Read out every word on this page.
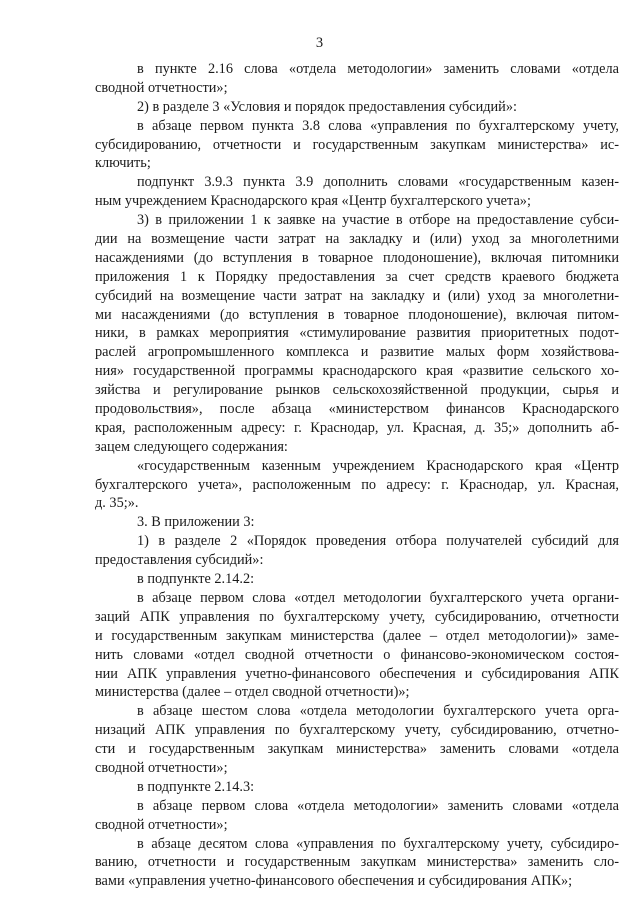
3
в пункте 2.16 слова «отдела методологии» заменить словами «отдела
сводной отчетности»;
2) в разделе 3 «Условия и порядок предоставления субсидий»:
в абзаце первом пункта 3.8 слова «управления по бухгалтерскому учету,
субсидированию, отчетности и государственным закупкам министерства» ис-
ключить;
подпункт 3.9.3 пункта 3.9 дополнить словами «государственным казен-
ным учреждением Краснодарского края «Центр бухгалтерского учета»;
3) в приложении 1 к заявке на участие в отборе на предоставление субси-
дии на возмещение части затрат на закладку и (или) уход за многолетними
насаждениями (до вступления в товарное плодоношение), включая питомники
приложения 1 к Порядку предоставления за счет средств краевого бюджета
субсидий на возмещение части затрат на закладку и (или) уход за многолетни-
ми насаждениями (до вступления в товарное плодоношение), включая питом-
ники, в рамках мероприятия «стимулирование развития приоритетных подот-
раслей агропромышленного комплекса и развитие малых форм хозяйствова-
ния» государственной программы краснодарского края «развитие сельского хо-
зяйства и регулирование рынков сельскохозяйственной продукции, сырья и
продовольствия», после абзаца «министерством финансов Краснодарского
края, расположенным адресу: г. Краснодар, ул. Красная, д. 35;» дополнить аб-
зацем следующего содержания:
«государственным казенным учреждением Краснодарского края «Центр
бухгалтерского учета», расположенным по адресу: г. Краснодар, ул. Красная,
д. 35;».
3. В приложении 3:
1) в разделе 2 «Порядок проведения отбора получателей субсидий для
предоставления субсидий»:
в подпункте 2.14.2:
в абзаце первом слова «отдел методологии бухгалтерского учета органи-
заций АПК управления по бухгалтерскому учету, субсидированию, отчетности
и государственным закупкам министерства (далее – отдел методологии)» заме-
нить словами «отдел сводной отчетности о финансово-экономическом состоя-
нии АПК управления учетно-финансового обеспечения и субсидирования АПК
министерства (далее – отдел сводной отчетности)»;
в абзаце шестом слова «отдела методологии бухгалтерского учета орга-
низаций АПК управления по бухгалтерскому учету, субсидированию, отчетно-
сти и государственным закупкам министерства» заменить словами «отдела
сводной отчетности»;
в подпункте 2.14.3:
в абзаце первом слова «отдела методологии» заменить словами «отдела
сводной отчетности»;
в абзаце десятом слова «управления по бухгалтерскому учету, субсидиро-
ванию, отчетности и государственным закупкам министерства» заменить сло-
вами «управления учетно-финансового обеспечения и субсидирования АПК»;
